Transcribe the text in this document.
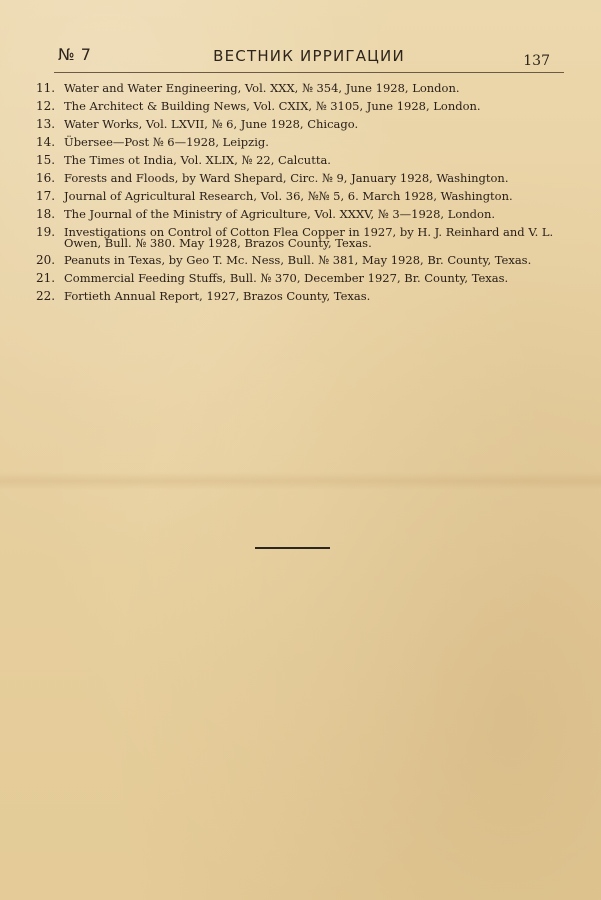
№ 7	ВЕСТНИК ИРРИГАЦИИ	137
11. Water and Water Engineering, Vol. XXX, № 354, June 1928, London.
12. The Architect & Building News, Vol. CXIX, № 3105, June 1928, London.
13. Water Works, Vol. LXVII, № 6, June 1928, Chicago.
14. Übersee—Post № 6—1928, Leipzig.
15. The Times ot India, Vol. XLIX, № 22, Calcutta.
16. Forests and Floods, by Ward Shepard, Circ. № 9, January 1928, Washington.
17. Journal of Agricultural Research, Vol. 36, №№ 5, 6. March 1928, Washington.
18. The Journal of the Ministry of Agriculture, Vol. XXXV, № 3—1928, London.
19. Investigations on Control of Cotton Flea Copper in 1927, by H. J. Reinhard and V. L. Owen, Bull. № 380. May 1928, Brazos County, Texas.
20. Peanuts in Texas, by Geo T. Mc. Ness, Bull. № 381, May 1928, Br. County, Texas.
21. Commercial Feeding Stuffs, Bull. № 370, December 1927, Br. County, Texas.
22. Fortieth Annual Report, 1927, Brazos County, Texas.
